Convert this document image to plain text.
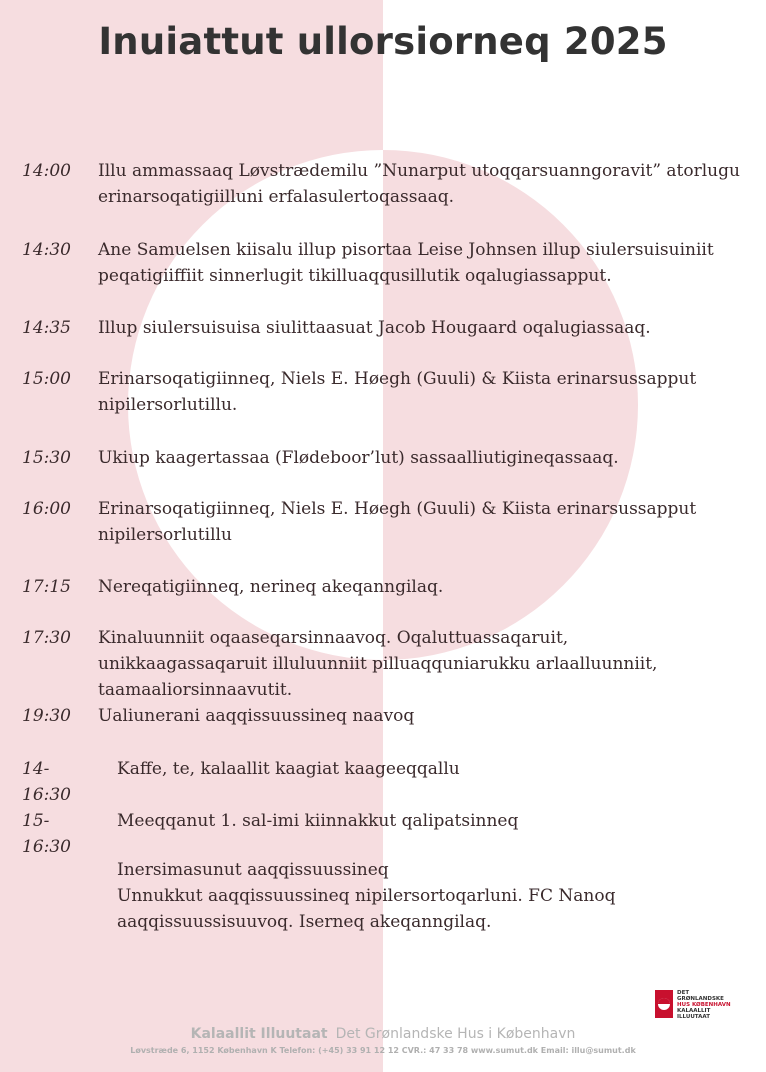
Inuiattut ullorsiorneq 2025
14:00 Illu ammassaaq Løvstrædemilu ”Nunarput utoqqarsuanngoravit” atorlugu
erinarsoqatigiilluni erfalasulertoqassaaq.
14:30 Ane Samuelsen kiisalu illup pisortaa Leise Johnsen illup siulersuisuiniit
peqatigiiffiit sinnerlugit tikilluaqqusillutik oqalugiassapput.
14:35 Illup siulersuisuisa siulittaasuat Jacob Hougaard oqalugiassaaq.
15:00 Erinarsoqatigiinneq, Niels E. Høegh (Guuli) & Kiista erinarsussapput
nipilersorlutillu.
15:30 Ukiup kaagertassaa (Flødeboor’lut) sassaalliutigineqassaaq.
16:00 Erinarsoqatigiinneq, Niels E. Høegh (Guuli) & Kiista erinarsussapput
nipilersorlutillu
17:15 Nereqatigiinneq, nerineq akeqanngilaq.
17:30 Kinaluunniit oqaaseqarsinnaavoq. Oqaluttuassaqaruit,
unikkaagassaqaruit illuluunniit pilluaqquniarukku arlaalluunniit,
taamaaliorsinnaavutit.
19:30 Ualiunerani aaqqissuussineq naavoq
14-16:30
Kaffe, te, kalaallit kaagiat kaageeqqallu
15-16:30
Meeqqanut 1. sal-imi kiinnakkut qalipatsinneq
Inersimasunut aaqqissuussineq
Unnukkut aaqqissuussineq nipilersortoqarluni. FC Nanoq
aaqqissuussisuuvoq. Iserneq akeqanngilaq.
DET
GRØNLANDSKE
HUS KØBENHAVN
KALAALLIT
ILLUUTAAT
Kalaallit Illuutaat Det Grønlandske Hus i København
Løvstræde 6, 1152 København K Telefon: (+45) 33 91 12 12 CVR.: 47 33 78 www.sumut.dk Email: illu@sumut.dk
